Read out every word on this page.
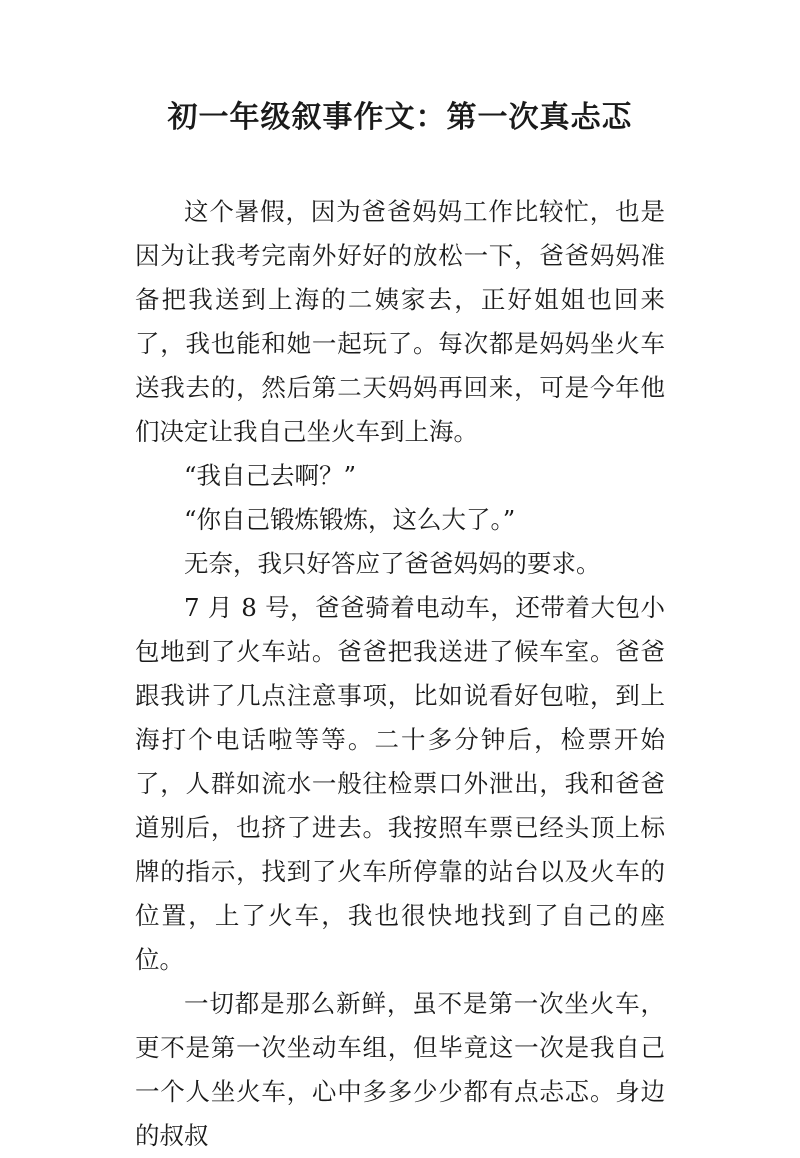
初一年级叙事作文：第一次真忐忑

这个暑假，因为爸爸妈妈工作比较忙，也是因为让我考完南外好好的放松一下，爸爸妈妈准备把我送到上海的二姨家去，正好姐姐也回来了，我也能和她一起玩了。每次都是妈妈坐火车送我去的，然后第二天妈妈再回来，可是今年他们决定让我自己坐火车到上海。

“我自己去啊？”

“你自己锻炼锻炼，这么大了。”

无奈，我只好答应了爸爸妈妈的要求。

7 月 8 号，爸爸骑着电动车，还带着大包小包地到了火车站。爸爸把我送进了候车室。爸爸跟我讲了几点注意事项，比如说看好包啦，到上海打个电话啦等等。二十多分钟后，检票开始了，人群如流水一般往检票口外泄出，我和爸爸道别后，也挤了进去。我按照车票已经头顶上标牌的指示，找到了火车所停靠的站台以及火车的位置，上了火车，我也很快地找到了自己的座位。

一切都是那么新鲜，虽不是第一次坐火车，更不是第一次坐动车组，但毕竟这一次是我自己一个人坐火车，心中多多少少都有点忐忑。身边的叔叔
